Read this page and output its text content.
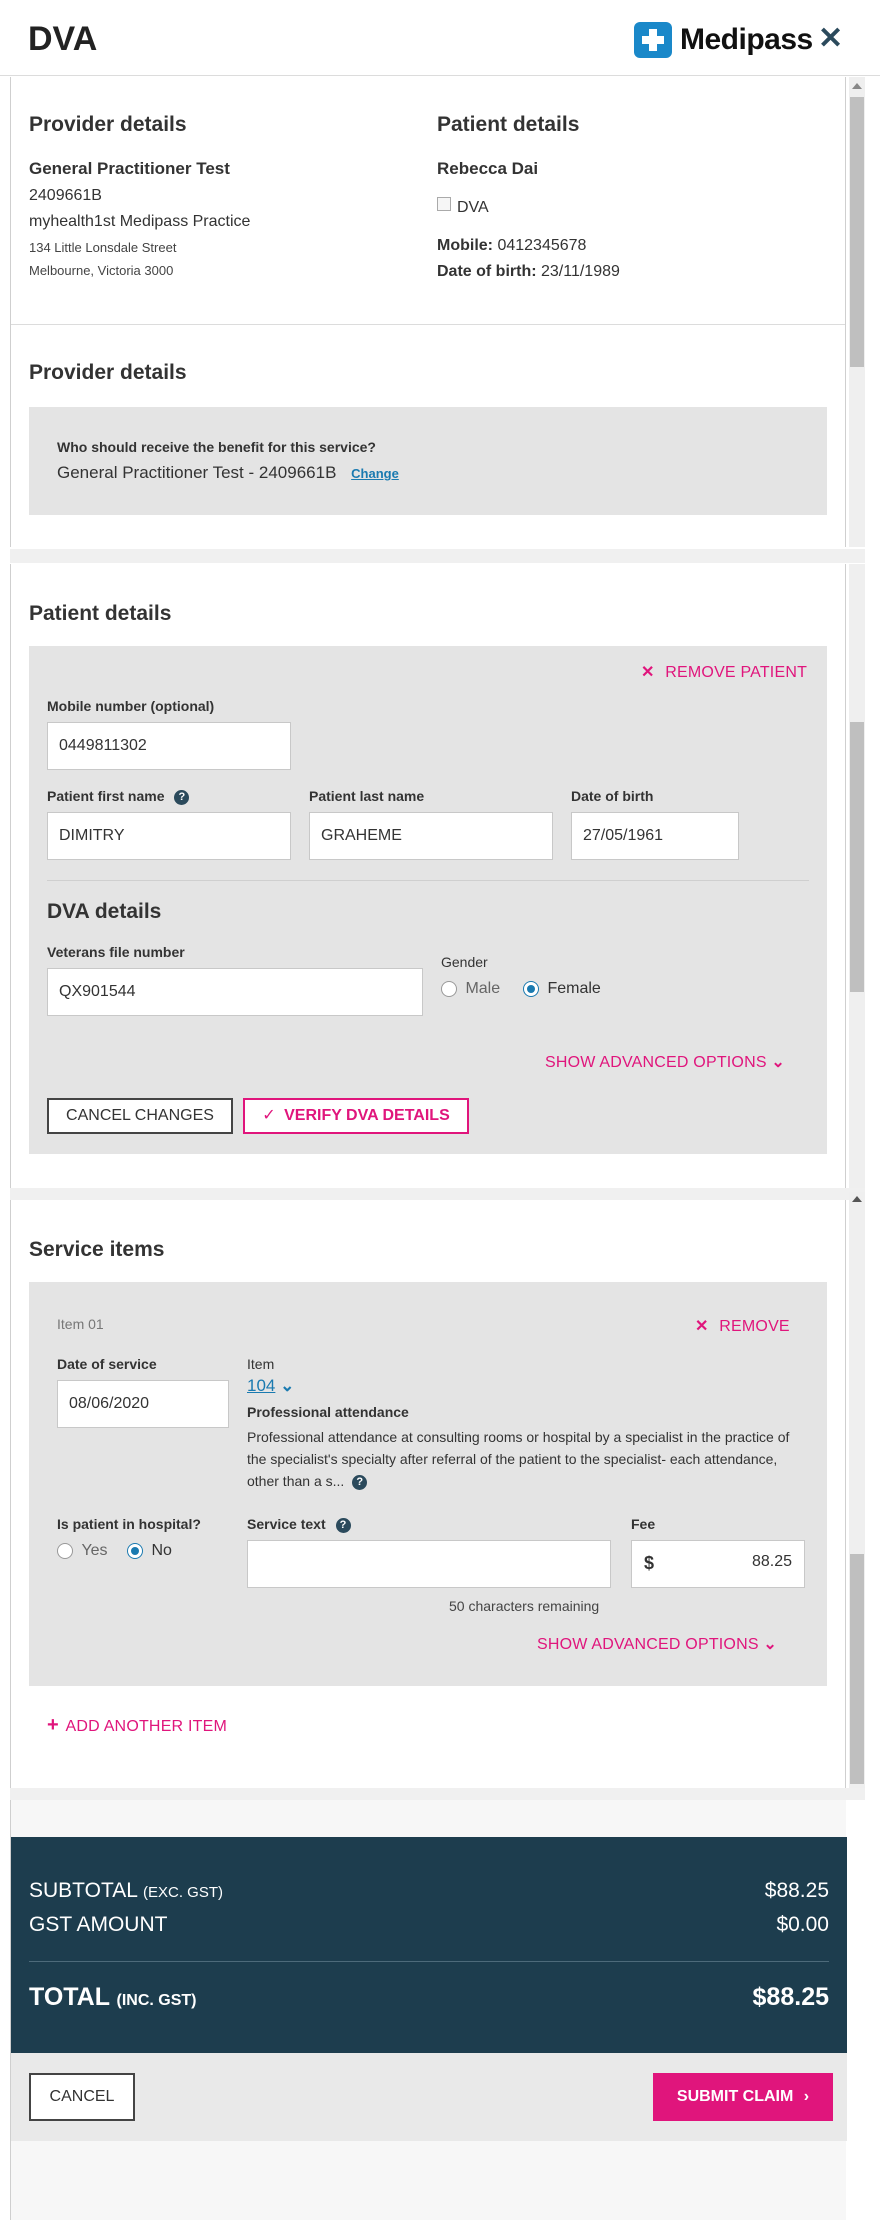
DVA	Medipass ✕
Provider details
General Practitioner Test
2409661B
myhealth1st Medipass Practice
134 Little Lonsdale Street
Melbourne, Victoria 3000
Patient details
Rebecca Dai
DVA
Mobile: 0412345678
Date of birth: 23/11/1989
Provider details
Who should receive the benefit for this service?
General Practitioner Test - 2409661B Change
Patient details
✕ REMOVE PATIENT
Mobile number (optional)
0449811302
Patient first name ?
DIMITRY
Patient last name
GRAHEME
Date of birth
27/05/1961
DVA details
Veterans file number
QX901544
Gender
Male	Female
SHOW ADVANCED OPTIONS ⌄
CANCEL CHANGES	✓ VERIFY DVA DETAILS
Service items
Item 01	✕ REMOVE
Date of service
08/06/2020
Item
104 ⌄
Professional attendance
Professional attendance at consulting rooms or hospital by a specialist in the practice of the specialist's specialty after referral of the patient to the specialist- each attendance, other than a s... ?
Is patient in hospital?
Yes	No
Service text ?
50 characters remaining
Fee
$	88.25
SHOW ADVANCED OPTIONS ⌄
+ ADD ANOTHER ITEM
SUBTOTAL (EXC. GST)	$88.25
GST AMOUNT	$0.00
TOTAL (INC. GST)	$88.25
CANCEL	SUBMIT CLAIM ›
